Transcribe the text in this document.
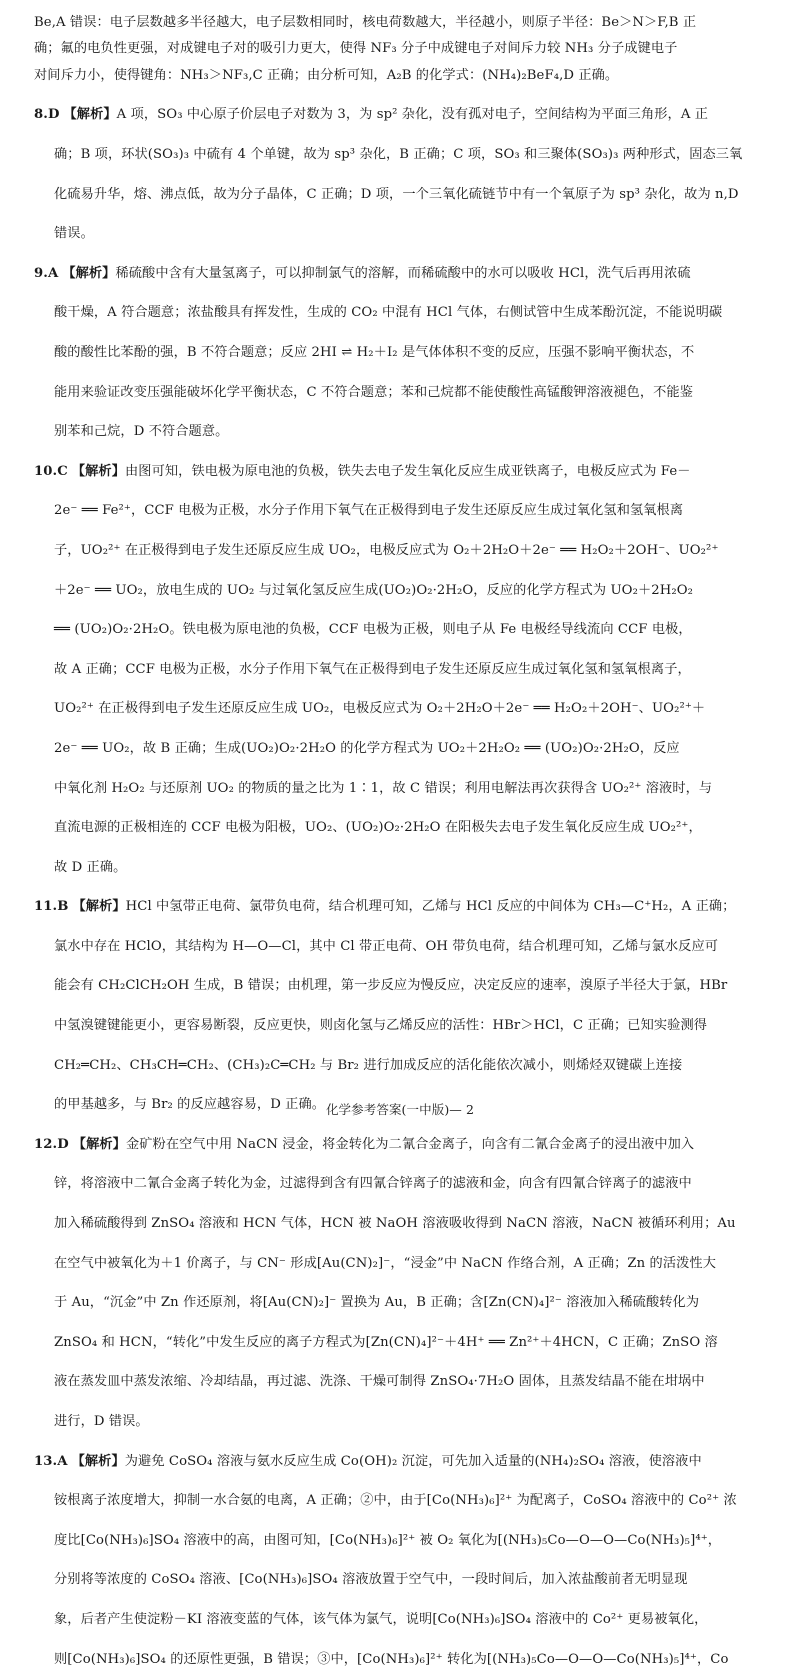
Be,A 错误：电子层数越多半径越大，电子层数相同时，核电荷数越大，半径越小，则原子半径：Be＞N＞F,B 正

确；氟的电负性更强，对成键电子对的吸引力更大，使得 NF₃ 分子中成键电子对间斥力较 NH₃ 分子成键电子

对间斥力小，使得键角：NH₃＞NF₃,C 正确；由分析可知，A₂B 的化学式：(NH₄)₂BeF₄,D 正确。

8.D 【解析】A 项，SO₃ 中心原子价层电子对数为 3，为 sp² 杂化，没有孤对电子，空间结构为平面三角形，A 正

确；B 项，环状(SO₃)₃ 中硫有 4 个单键，故为 sp³ 杂化，B 正确；C 项，SO₃ 和三聚体(SO₃)₃ 两种形式，固态三氧

化硫易升华，熔、沸点低，故为分子晶体，C 正确；D 项，一个三氧化硫链节中有一个氧原子为 sp³ 杂化，故为 n,D

错误。

9.A 【解析】稀硫酸中含有大量氢离子，可以抑制氯气的溶解，而稀硫酸中的水可以吸收 HCl，洗气后再用浓硫

酸干燥，A 符合题意；浓盐酸具有挥发性，生成的 CO₂ 中混有 HCl 气体，右侧试管中生成苯酚沉淀，不能说明碳

酸的酸性比苯酚的强，B 不符合题意；反应 2HI ⇌ H₂＋I₂ 是气体体积不变的反应，压强不影响平衡状态，不

能用来验证改变压强能破坏化学平衡状态，C 不符合题意；苯和己烷都不能使酸性高锰酸钾溶液褪色，不能鉴

别苯和己烷，D 不符合题意。

10.C 【解析】由图可知，铁电极为原电池的负极，铁失去电子发生氧化反应生成亚铁离子，电极反应式为 Fe－

2e⁻ ══ Fe²⁺，CCF 电极为正极，水分子作用下氧气在正极得到电子发生还原反应生成过氧化氢和氢氧根离

子，UO₂²⁺ 在正极得到电子发生还原反应生成 UO₂，电极反应式为 O₂＋2H₂O＋2e⁻ ══ H₂O₂＋2OH⁻、UO₂²⁺

＋2e⁻ ══ UO₂，放电生成的 UO₂ 与过氧化氢反应生成(UO₂)O₂·2H₂O，反应的化学方程式为 UO₂＋2H₂O₂

══ (UO₂)O₂·2H₂O。铁电极为原电池的负极，CCF 电极为正极，则电子从 Fe 电极经导线流向 CCF 电极，

故 A 正确；CCF 电极为正极，水分子作用下氧气在正极得到电子发生还原反应生成过氧化氢和氢氧根离子，

UO₂²⁺ 在正极得到电子发生还原反应生成 UO₂，电极反应式为 O₂＋2H₂O＋2e⁻ ══ H₂O₂＋2OH⁻、UO₂²⁺＋

2e⁻ ══ UO₂，故 B 正确；生成(UO₂)O₂·2H₂O 的化学方程式为 UO₂＋2H₂O₂ ══ (UO₂)O₂·2H₂O，反应

中氧化剂 H₂O₂ 与还原剂 UO₂ 的物质的量之比为 1∶1，故 C 错误；利用电解法再次获得含 UO₂²⁺ 溶液时，与

直流电源的正极相连的 CCF 电极为阳极，UO₂、(UO₂)O₂·2H₂O 在阳极失去电子发生氧化反应生成 UO₂²⁺，

故 D 正确。

11.B 【解析】HCl 中氢带正电荷、氯带负电荷，结合机理可知，乙烯与 HCl 反应的中间体为 CH₃—C⁺H₂，A 正确；

氯水中存在 HClO，其结构为 H—O—Cl，其中 Cl 带正电荷、OH 带负电荷，结合机理可知，乙烯与氯水反应可

能会有 CH₂ClCH₂OH 生成，B 错误；由机理，第一步反应为慢反应，决定反应的速率，溴原子半径大于氯，HBr

中氢溴键键能更小，更容易断裂，反应更快，则卤化氢与乙烯反应的活性：HBr＞HCl，C 正确；已知实验测得

CH₂═CH₂、CH₃CH═CH₂、(CH₃)₂C═CH₂ 与 Br₂ 进行加成反应的活化能依次减小，则烯烃双键碳上连接

的甲基越多，与 Br₂ 的反应越容易，D 正确。

12.D 【解析】金矿粉在空气中用 NaCN 浸金，将金转化为二氰合金离子，向含有二氰合金离子的浸出液中加入

锌，将溶液中二氰合金离子转化为金，过滤得到含有四氰合锌离子的滤液和金，向含有四氰合锌离子的滤液中

加入稀硫酸得到 ZnSO₄ 溶液和 HCN 气体，HCN 被 NaOH 溶液吸收得到 NaCN 溶液，NaCN 被循环利用；Au

在空气中被氧化为＋1 价离子，与 CN⁻ 形成[Au(CN)₂]⁻，“浸金”中 NaCN 作络合剂，A 正确；Zn 的活泼性大

于 Au，“沉金”中 Zn 作还原剂，将[Au(CN)₂]⁻ 置换为 Au，B 正确；含[Zn(CN)₄]²⁻ 溶液加入稀硫酸转化为

ZnSO₄ 和 HCN，“转化”中发生反应的离子方程式为[Zn(CN)₄]²⁻＋4H⁺ ══ Zn²⁺＋4HCN，C 正确；ZnSO 溶

液在蒸发皿中蒸发浓缩、冷却结晶，再过滤、洗涤、干燥可制得 ZnSO₄·7H₂O 固体，且蒸发结晶不能在坩埚中

进行，D 错误。

13.A 【解析】为避免 CoSO₄ 溶液与氨水反应生成 Co(OH)₂ 沉淀，可先加入适量的(NH₄)₂SO₄ 溶液，使溶液中

铵根离子浓度增大，抑制一水合氨的电离，A 正确；②中，由于[Co(NH₃)₆]²⁺ 为配离子，CoSO₄ 溶液中的 Co²⁺ 浓

度比[Co(NH₃)₆]SO₄ 溶液中的高，由图可知，[Co(NH₃)₆]²⁺ 被 O₂ 氧化为[(NH₃)₅Co—O—O—Co(NH₃)₅]⁴⁺，

分别将等浓度的 CoSO₄ 溶液、[Co(NH₃)₆]SO₄ 溶液放置于空气中，一段时间后，加入浓盐酸前者无明显现

象，后者产生使淀粉－KI 溶液变蓝的气体，该气体为氯气，说明[Co(NH₃)₆]SO₄ 溶液中的 Co²⁺ 更易被氧化，

则[Co(NH₃)₆]SO₄ 的还原性更强，B 错误；③中，[Co(NH₃)₆]²⁺ 转化为[(NH₃)₅Co—O—O—Co(NH₃)₅]⁴⁺，Co

化学参考答案(一中版)— 2
